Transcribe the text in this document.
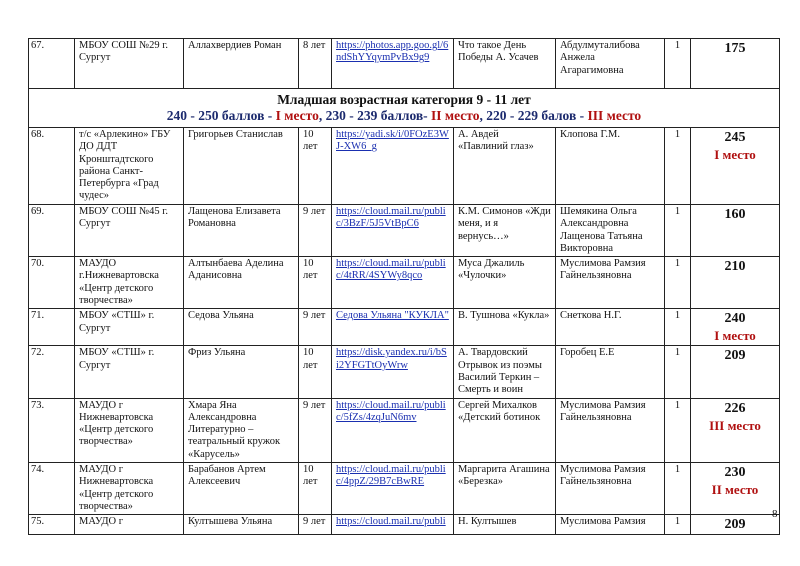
67.	МБОУ СОШ №29 г. Сургут	Аллахвердиев Роман	8 лет	https://photos.app.goo.gl/6ndShYYqymPvBx9g9	Что такое День Победы А. Усачев	Абдулмуталибова Анжела Агарагимовна	1	175

Младшая возрастная категория 9 - 11 лет
240 - 250 баллов - I место, 230 - 239 баллов- II место, 220 - 229 балов - III место								

68.	т/с «Арлекино» ГБУ ДО ДДТ Кронштадтского района Санкт-Петербурга «Град чудес»	Григорьев Станислав	10 лет	https://yadi.sk/i/0FOzE3WJ-XW6_g	А. Авдей «Павлиний глаз»	Клопова Г.М.	1	245
I место

69.	МБОУ СОШ №45 г. Сургут	Лащенова Елизавета Романовна	9 лет	https://cloud.mail.ru/public/3BzF/5J5VtBpC6	К.М. Симонов «Жди меня, и я вернусь…»	Шемякина Ольга Александровна Лащенова Татьяна Викторовна	1	160
70.	МАУДО г.Нижневартовска «Центр детского творчества»	Алтынбаева Аделина Аданисовна	10 лет	https://cloud.mail.ru/public/4tRR/4SYWy8qco	Муса Джалиль «Чулочки»	Муслимова Рамзия Гайнельзяновна	1	210
71.	МБОУ «СТШ» г. Сургут	Седова Ульяна	9 лет	Седова Ульяна "КУКЛА"	В. Тушнова «Кукла»	Снеткова Н.Г.	1	240
I место

72.	МБОУ «СТШ» г. Сургут	Фриз Ульяна	10 лет	https://disk.yandex.ru/i/bSi2YFGTtOyWrw	А. Твардовский Отрывок из поэмы Василий Теркин – Смерть и воин	Горобец Е.Е	1	209
73.	МАУДО г Нижневартовска «Центр детского творчества»	Хмара Яна Александровна Литературно – театральный кружок «Карусель»	9 лет	https://cloud.mail.ru/public/5fZs/4zqJuN6mv	Сергей Михалков «Детский ботинок	Муслимова Рамзия Гайнельзяновна	1	226
III место

74.	МАУДО г Нижневартовска «Центр детского творчества»	Барабанов Артем Алексеевич	10 лет	https://cloud.mail.ru/public/4ppZ/29B7cBwRE	Маргарита Агашина «Березка»	Муслимова Рамзия Гайнельзяновна	1	230
II место

75.	МАУДО г	Култышева Ульяна	9 лет	https://cloud.mail.ru/publi	Н. Култышев	Муслимова Рамзия	1	209
8
